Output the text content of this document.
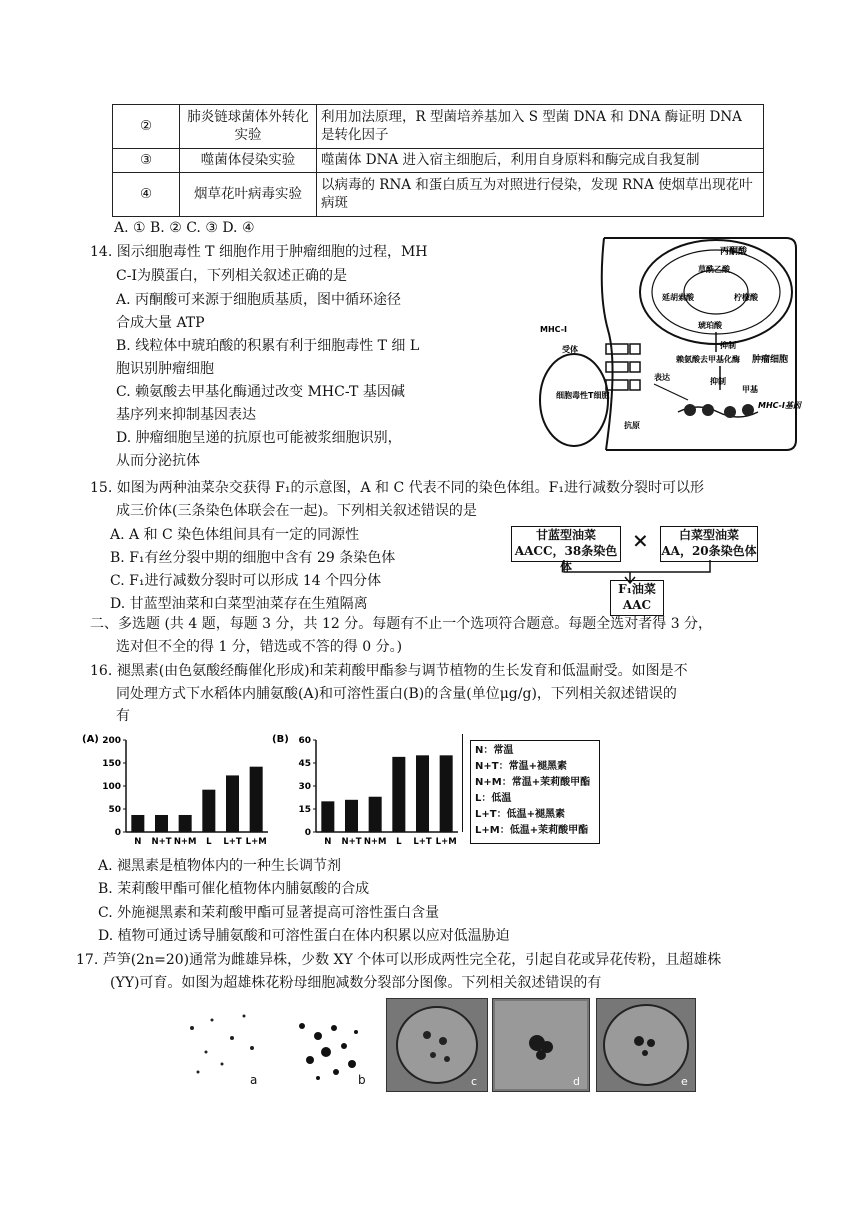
②	肺炎链球菌体外转化实验	利用加法原理，R 型菌培养基加入 S 型菌 DNA 和 DNA 酶证明 DNA 是转化因子
③	噬菌体侵染实验	噬菌体 DNA 进入宿主细胞后，利用自身原料和酶完成自我复制
④	烟草花叶病毒实验	以病毒的 RNA 和蛋白质互为对照进行侵染，发现 RNA 使烟草出现花叶病斑
A. ① B. ② C. ③ D. ④
14. 图示细胞毒性 T 细胞作用于肿瘤细胞的过程，MH
C-Ⅰ为膜蛋白，下列相关叙述正确的是
A. 丙酮酸可来源于细胞质基质，图中循环途径
合成大量 ATP
B. 线粒体中琥珀酸的积累有利于细胞毒性 T 细 L
胞识别肿瘤细胞
C. 赖氨酸去甲基化酶通过改变 MHC-T 基因碱
基序列来抑制基因表达
D. 肿瘤细胞呈递的抗原也可能被浆细胞识别，
从而分泌抗体
丙酮酸
草酰乙酸
延胡索酸	柠檬酸
琥珀酸
抑制
赖氨酸去甲基化酶 肿瘤细胞
MHC-Ⅰ
受体
细胞毒性T细胞
抗原
表达	抑制
甲基
MHC-Ⅰ基因
15. 如图为两种油菜杂交获得 F₁的示意图，A 和 C 代表不同的染色体组。F₁进行减数分裂时可以形
成三价体(三条染色体联会在一起)。下列相关叙述错误的是
A. A 和 C 染色体组间具有一定的同源性
B. F₁有丝分裂中期的细胞中含有 29 条染色体
C. F₁进行减数分裂时可以形成 14 个四分体
D. 甘蓝型油菜和白菜型油菜存在生殖隔离
甘蓝型油菜
AACC，38条染色体
×	白菜型油菜
AA，20条染色体
F₁油菜
AAC
二、多选题 (共 4 题，每题 3 分，共 12 分。每题有不止一个选项符合题意。每题全选对者得 3 分，
选对但不全的得 1 分，错选或不答的得 0 分。)
16. 褪黑素(由色氨酸经酶催化形成)和茉莉酸甲酯参与调节植物的生长发育和低温耐受。如图是不
同处理方式下水稻体内脯氨酸(A)和可溶性蛋白(B)的含量(单位μg/g)，下列相关叙述错误的
有
(A)
0
50
100
150
200
N N+T N+M L L+T L+M
(B)
0
15
30
45
60
N N+T N+M L L+T L+M
N：常温
N+T：常温+褪黑素
N+M：常温+茉莉酸甲酯
L：低温
L+T：低温+褪黑素
L+M：低温+茉莉酸甲酯
A. 褪黑素是植物体内的一种生长调节剂
B. 茉莉酸甲酯可催化植物体内脯氨酸的合成
C. 外施褪黑素和茉莉酸甲酯可显著提高可溶性蛋白含量
D. 植物可通过诱导脯氨酸和可溶性蛋白在体内积累以应对低温胁迫
17. 芦笋(2n=20)通常为雌雄异株，少数 XY 个体可以形成两性完全花，引起自花或异花传粉，且超雄株
(YY)可育。如图为超雄株花粉母细胞减数分裂部分图像。下列相关叙述错误的有
a	b	c	d	e
